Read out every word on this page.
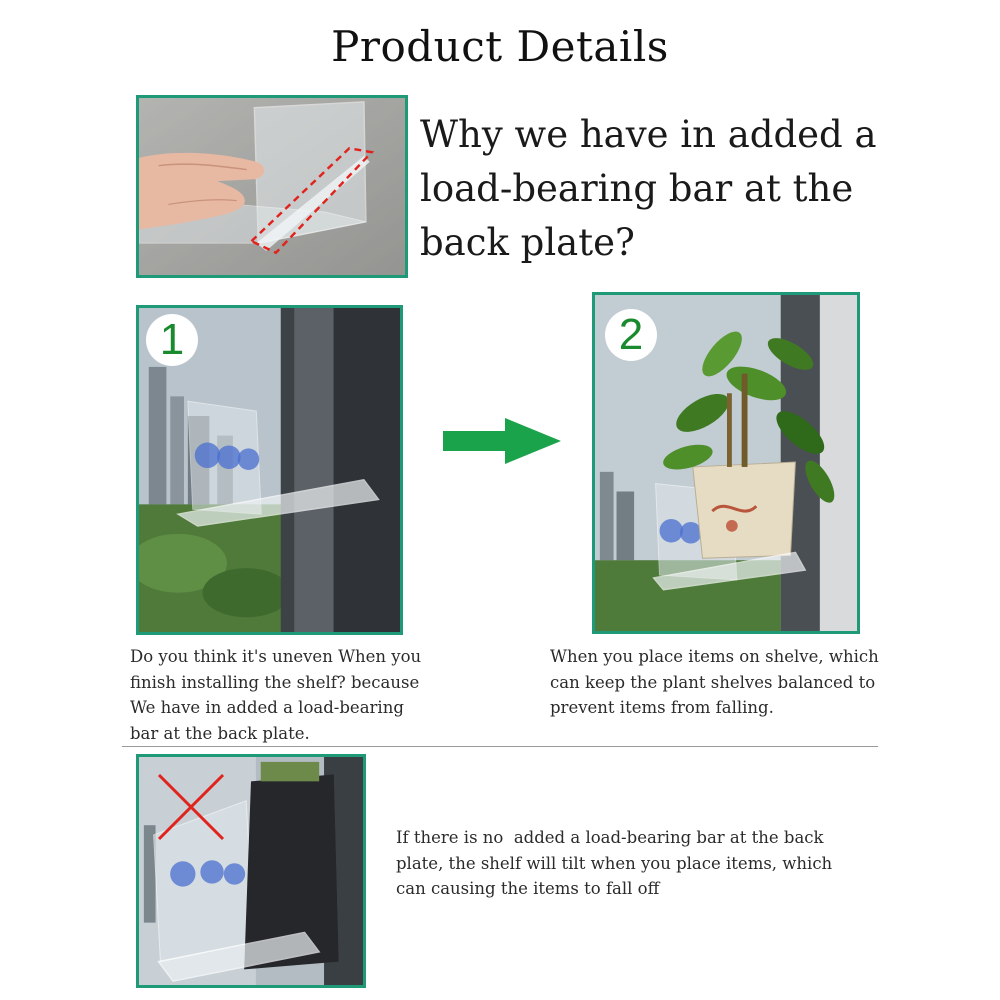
Product Details
Why we have in added a load-bearing bar at the back plate?
1	2
Do you think it's uneven When you finish installing the shelf? because We have in added a load-bearing bar at the back plate.
When you place items on shelve, which can keep the plant shelves balanced to prevent items from falling.
If there is no  added a load-bearing bar at the back plate, the shelf will tilt when you place items, which can causing the items to fall off
